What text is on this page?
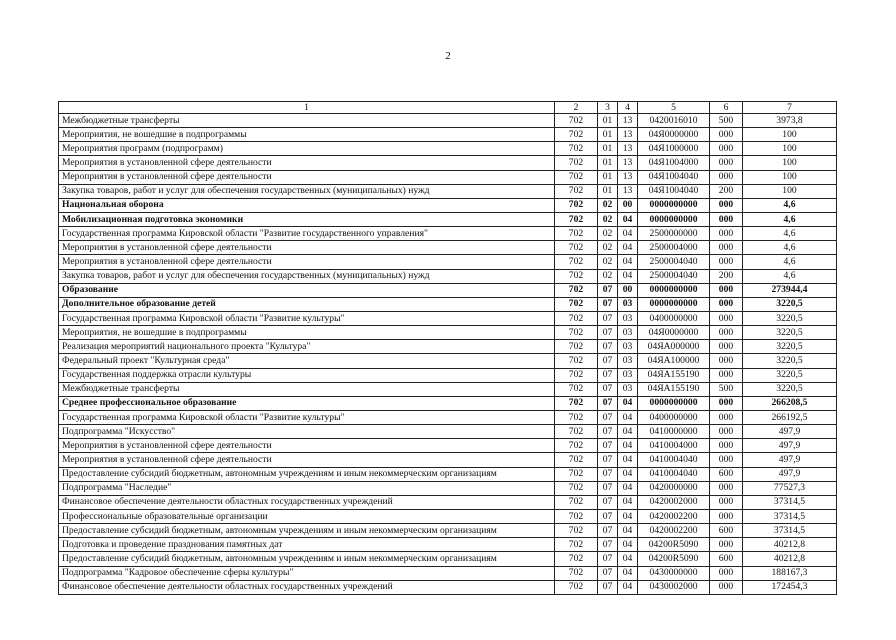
2
1	2	3	4	5	6	7
Межбюджетные трансферты	702	01	13	0420016010	500	3973,8
Мероприятия, не вошедшие в подпрограммы	702	01	13	04Я0000000	000	100
Мероприятия программ (подпрограмм)	702	01	13	04Я1000000	000	100
Мероприятия в установленной сфере деятельности	702	01	13	04Я1004000	000	100
Мероприятия в установленной сфере деятельности	702	01	13	04Я1004040	000	100
Закупка товаров, работ и услуг для обеспечения государственных (муниципальных) нужд	702	01	13	04Я1004040	200	100
Национальная оборона	702	02	00	0000000000	000	4,6
Мобилизационная подготовка экономики	702	02	04	0000000000	000	4,6
Государственная программа Кировской области "Развитие государственного управления"	702	02	04	2500000000	000	4,6
Мероприятия в установленной сфере деятельности	702	02	04	2500004000	000	4,6
Мероприятия в установленной сфере деятельности	702	02	04	2500004040	000	4,6
Закупка товаров, работ и услуг для обеспечения государственных (муниципальных) нужд	702	02	04	2500004040	200	4,6
Образование	702	07	00	0000000000	000	273944,4
Дополнительное образование детей	702	07	03	0000000000	000	3220,5
Государственная программа Кировской области "Развитие культуры"	702	07	03	0400000000	000	3220,5
Мероприятия, не вошедшие в подпрограммы	702	07	03	04Я0000000	000	3220,5
Реализация мероприятий национального проекта "Культура"	702	07	03	04ЯА000000	000	3220,5
Федеральный проект "Культурная среда"	702	07	03	04ЯА100000	000	3220,5
Государственная поддержка отрасли культуры	702	07	03	04ЯА155190	000	3220,5
Межбюджетные трансферты	702	07	03	04ЯА155190	500	3220,5
Среднее профессиональное образование	702	07	04	0000000000	000	266208,5
Государственная программа Кировской области "Развитие культуры"	702	07	04	0400000000	000	266192,5
Подпрограмма "Искусство"	702	07	04	0410000000	000	497,9
Мероприятия в установленной сфере деятельности	702	07	04	0410004000	000	497,9
Мероприятия в установленной сфере деятельности	702	07	04	0410004040	000	497,9
Предоставление субсидий бюджетным, автономным учреждениям и иным некоммерческим организациям	702	07	04	0410004040	600	497,9
Подпрограмма "Наследие"	702	07	04	0420000000	000	77527,3
Финансовое обеспечение деятельности областных государственных учреждений	702	07	04	0420002000	000	37314,5
Профессиональные образовательные организации	702	07	04	0420002200	000	37314,5
Предоставление субсидий бюджетным, автономным учреждениям и иным некоммерческим организациям	702	07	04	0420002200	600	37314,5
Подготовка и проведение празднования памятных дат	702	07	04	04200R5090	000	40212,8
Предоставление субсидий бюджетным, автономным учреждениям и иным некоммерческим организациям	702	07	04	04200R5090	600	40212,8
Подпрограмма "Кадровое обеспечение сферы культуры"	702	07	04	0430000000	000	188167,3
Финансовое обеспечение деятельности областных государственных учреждений	702	07	04	0430002000	000	172454,3
